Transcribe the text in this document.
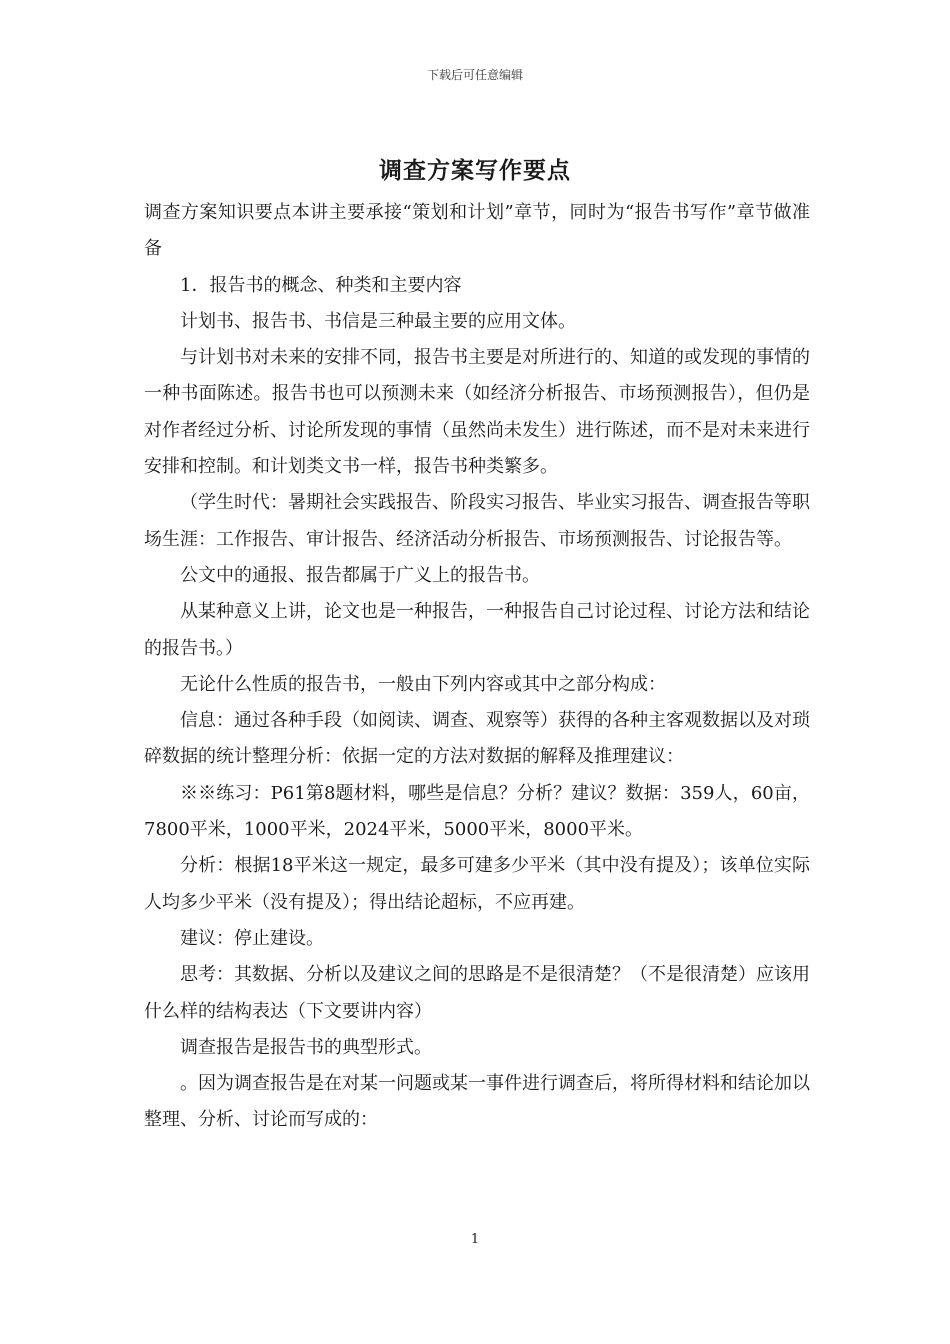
下载后可任意编辑
调查方案写作要点

调查方案知识要点本讲主要承接“策划和计划”章节，同时为“报告书写作”章节做准备

1．报告书的概念、种类和主要内容

计划书、报告书、书信是三种最主要的应用文体。

与计划书对未来的安排不同，报告书主要是对所进行的、知道的或发现的事情的一种书面陈述。报告书也可以预测未来（如经济分析报告、市场预测报告），但仍是对作者经过分析、讨论所发现的事情（虽然尚未发生）进行陈述，而不是对未来进行安排和控制。和计划类文书一样，报告书种类繁多。

（学生时代：暑期社会实践报告、阶段实习报告、毕业实习报告、调查报告等职场生涯：工作报告、审计报告、经济活动分析报告、市场预测报告、讨论报告等。

公文中的通报、报告都属于广义上的报告书。

从某种意义上讲，论文也是一种报告，一种报告自己讨论过程、讨论方法和结论的报告书。）

无论什么性质的报告书，一般由下列内容或其中之部分构成：

信息：通过各种手段（如阅读、调查、观察等）获得的各种主客观数据以及对琐碎数据的统计整理分析：依据一定的方法对数据的解释及推理建议：

※※练习：P61第8题材料，哪些是信息？分析？建议？数据：359人，60亩，7800平米，1000平米，2024平米，5000平米，8000平米。

分析：根据18平米这一规定，最多可建多少平米（其中没有提及）；该单位实际人均多少平米（没有提及）；得出结论超标，不应再建。

建议：停止建设。

思考：其数据、分析以及建议之间的思路是不是很清楚？（不是很清楚）应该用什么样的结构表达（下文要讲内容）

调查报告是报告书的典型形式。

。因为调查报告是在对某一问题或某一事件进行调查后，将所得材料和结论加以整理、分析、讨论而写成的：

1
